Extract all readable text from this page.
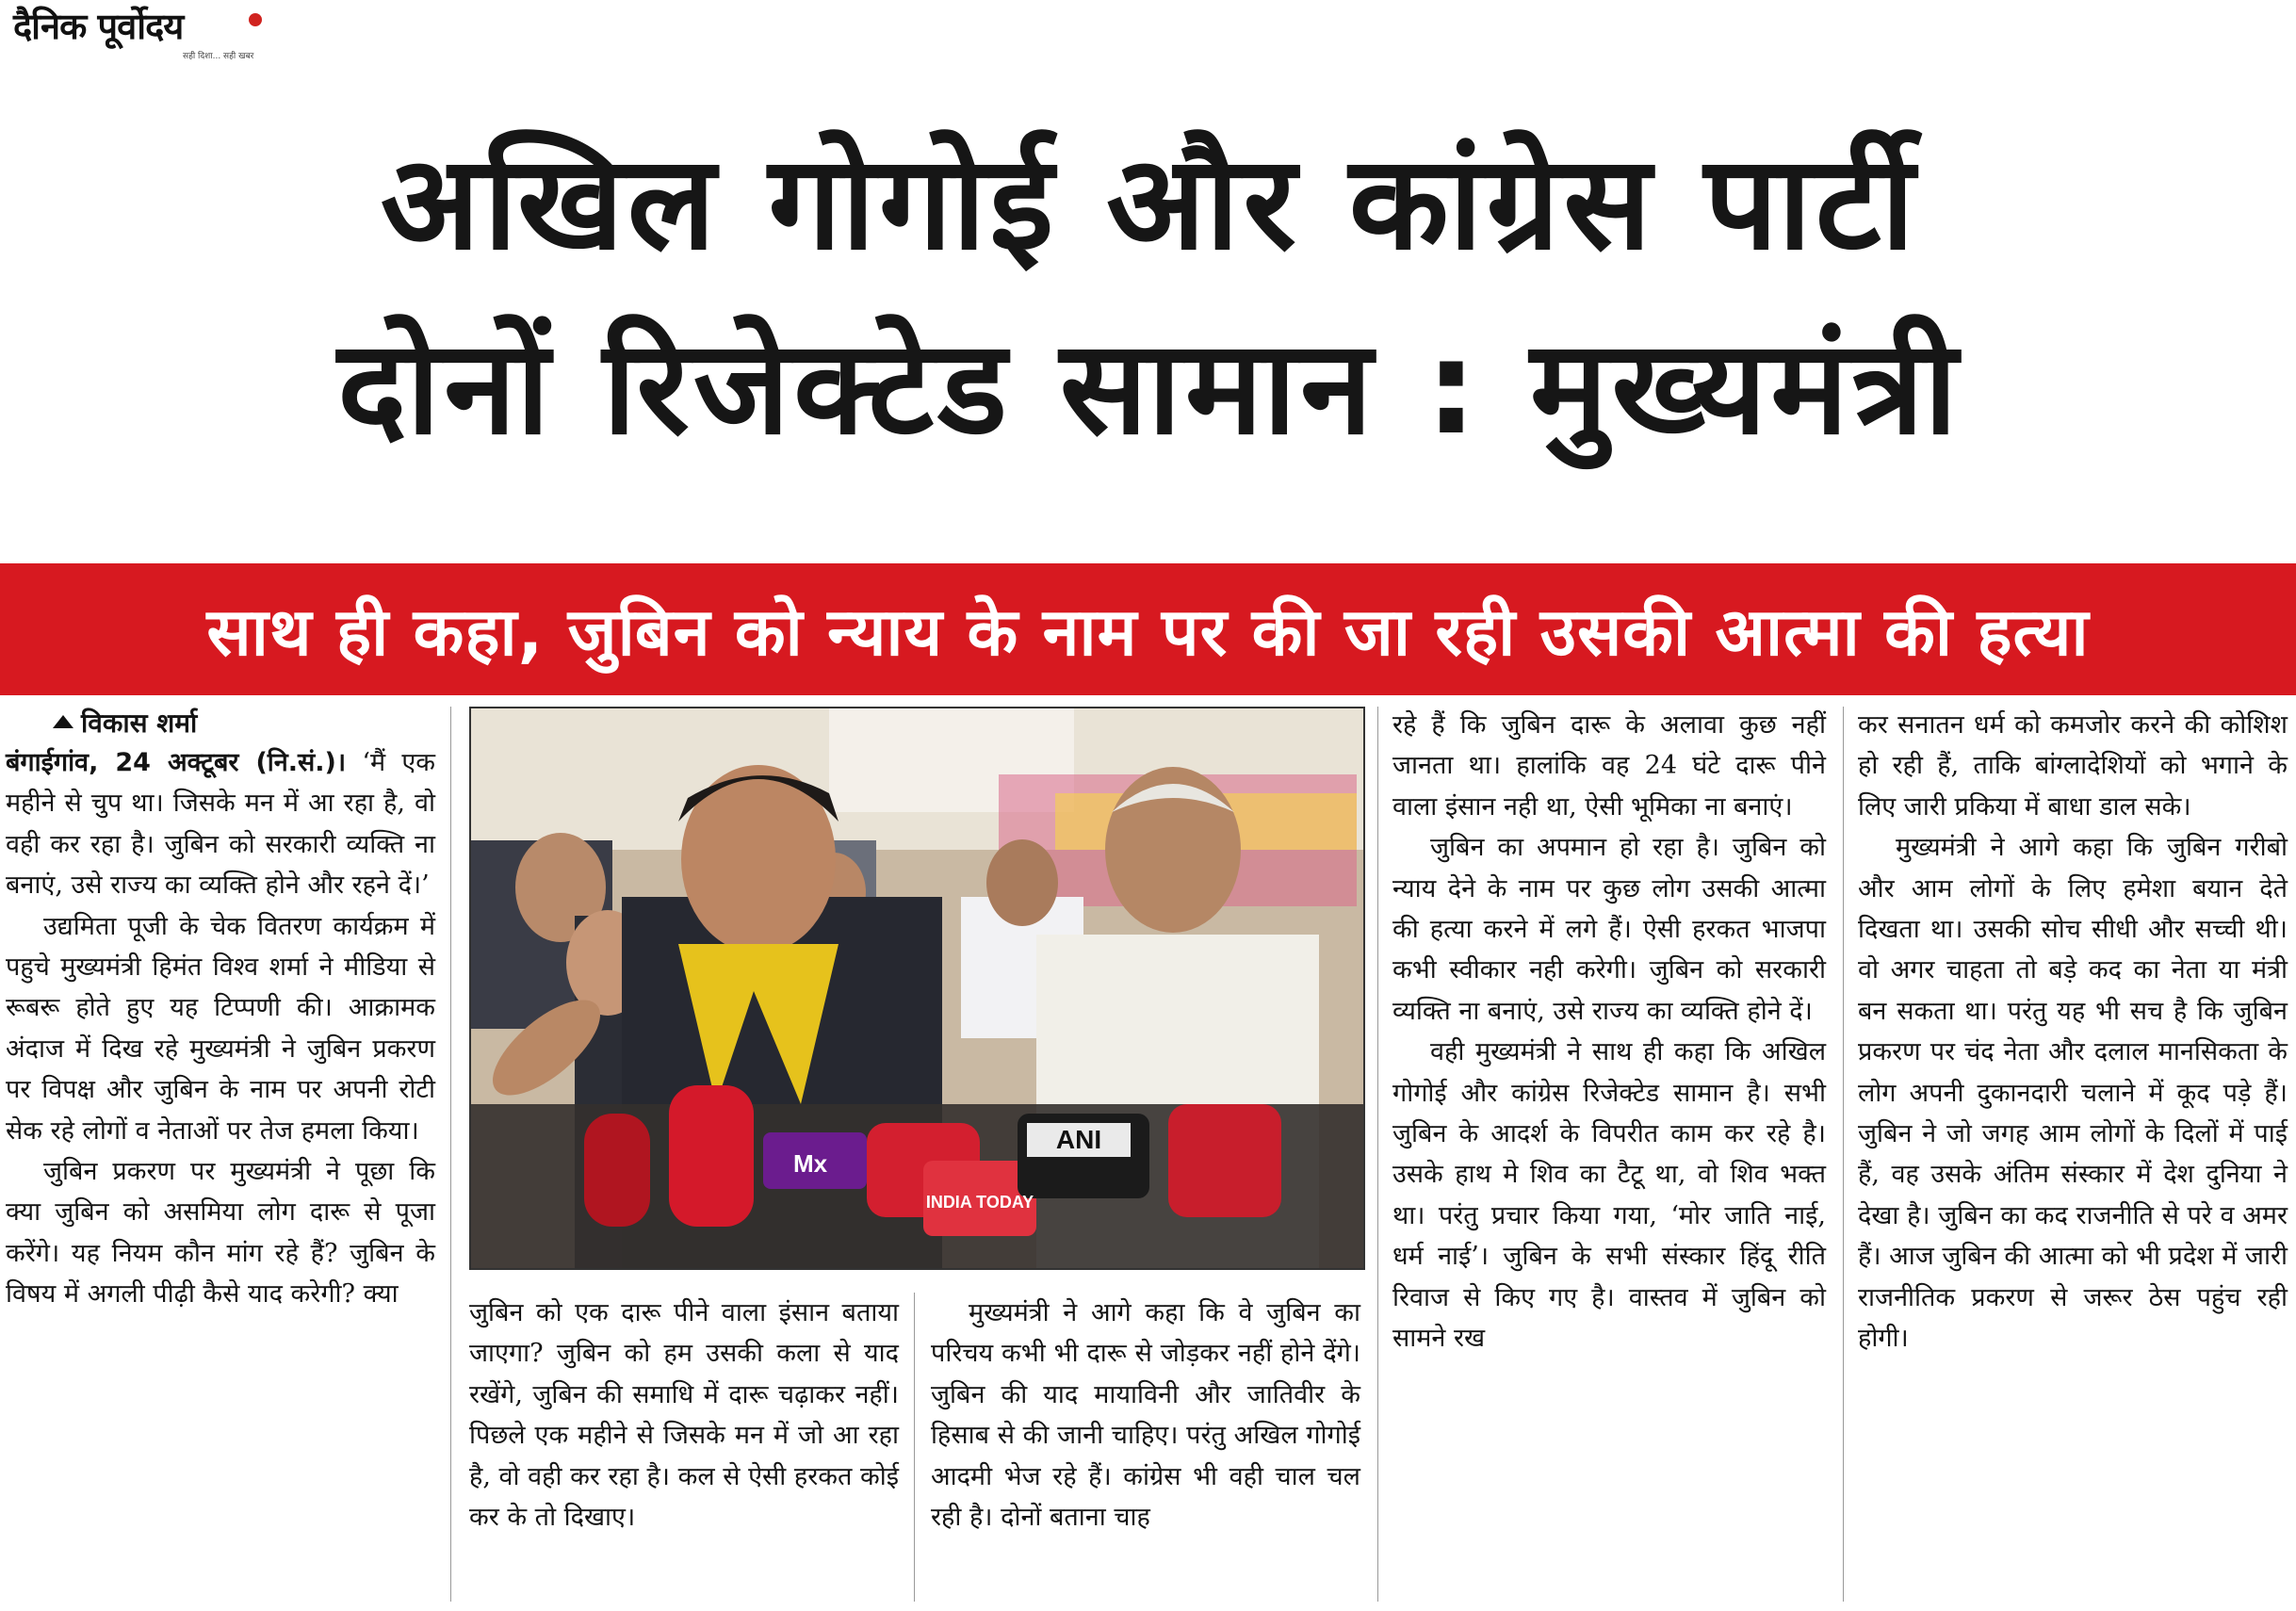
दैनिक पूर्वोदय
सही दिशा... सही खबर
अखिल गोगोई और कांग्रेस पार्टी
दोनों रिजेक्टेड सामान : मुख्यमंत्री
साथ ही कहा, जुबिन को न्याय के नाम पर की जा रही उसकी आत्मा की हत्या
विकास शर्मा

बंगाईगांव, 24 अक्टूबर (नि.सं.)। ‘मैं एक महीने से चुप था। जिसके मन में आ रहा है, वो वही कर रहा है। जुबिन को सरकारी व्यक्ति ना बनाएं, उसे राज्य का व्यक्ति होने और रहने दें।’

उद्यमिता पूजी के चेक वितरण कार्यक्रम में पहुचे मुख्यमंत्री हिमंत विश्व शर्मा ने मीडिया से रूबरू होते हुए यह टिप्पणी की। आक्रामक अंदाज में दिख रहे मुख्यमंत्री ने जुबिन प्रकरण पर विपक्ष और जुबिन के नाम पर अपनी रोटी सेक रहे लोगों व नेताओं पर तेज हमला किया।

जुबिन प्रकरण पर मुख्यमंत्री ने पूछा कि क्या जुबिन को असमिया लोग दारू से पूजा करेंगे। यह नियम कौन मांग रहे हैं? जुबिन के विषय में अगली पीढ़ी कैसे याद करेगी? क्या

ANI
INDIA TODAY
Mx

जुबिन को एक दारू पीने वाला इंसान बताया जाएगा? जुबिन को हम उसकी कला से याद रखेंगे, जुबिन की समाधि में दारू चढ़ाकर नहीं। पिछले एक महीने से जिसके मन में जो आ रहा है, वो वही कर रहा है। कल से ऐसी हरकत कोई कर के तो दिखाए।

मुख्यमंत्री ने आगे कहा कि वे जुबिन का परिचय कभी भी दारू से जोड़कर नहीं होने देंगे। जुबिन की याद मायाविनी और जातिवीर के हिसाब से की जानी चाहिए। परंतु अखिल गोगोई आदमी भेज रहे हैं। कांग्रेस भी वही चाल चल रही है। दोनों बताना चाह

रहे हैं कि जुबिन दारू के अलावा कुछ नहीं जानता था। हालांकि वह 24 घंटे दारू पीने वाला इंसान नही था, ऐसी भूमिका ना बनाएं।

जुबिन का अपमान हो रहा है। जुबिन को न्याय देने के नाम पर कुछ लोग उसकी आत्मा की हत्या करने में लगे हैं। ऐसी हरकत भाजपा कभी स्वीकार नही करेगी। जुबिन को सरकारी व्यक्ति ना बनाएं, उसे राज्य का व्यक्ति होने दें।

वही मुख्यमंत्री ने साथ ही कहा कि अखिल गोगोई और कांग्रेस रिजेक्टेड सामान है। सभी जुबिन के आदर्श के विपरीत काम कर रहे है। उसके हाथ मे शिव का टैटू था, वो शिव भक्त था। परंतु प्रचार किया गया, ‘मोर जाति नाई, धर्म नाई’। जुबिन के सभी संस्कार हिंदू रीति रिवाज से किए गए है। वास्तव में जुबिन को सामने रख

कर सनातन धर्म को कमजोर करने की कोशिश हो रही हैं, ताकि बांग्लादेशियों को भगाने के लिए जारी प्रकिया में बाधा डाल सके।

मुख्यमंत्री ने आगे कहा कि जुबिन गरीबो और आम लोगों के लिए हमेशा बयान देते दिखता था। उसकी सोच सीधी और सच्ची थी। वो अगर चाहता तो बड़े कद का नेता या मंत्री बन सकता था। परंतु यह भी सच है कि जुबिन प्रकरण पर चंद नेता और दलाल मानसिकता के लोग अपनी दुकानदारी चलाने में कूद पड़े हैं। जुबिन ने जो जगह आम लोगों के दिलों में पाई हैं, वह उसके अंतिम संस्कार में देश दुनिया ने देखा है। जुबिन का कद राजनीति से परे व अमर हैं। आज जुबिन की आत्मा को भी प्रदेश में जारी राजनीतिक प्रकरण से जरूर ठेस पहुंच रही होगी।
